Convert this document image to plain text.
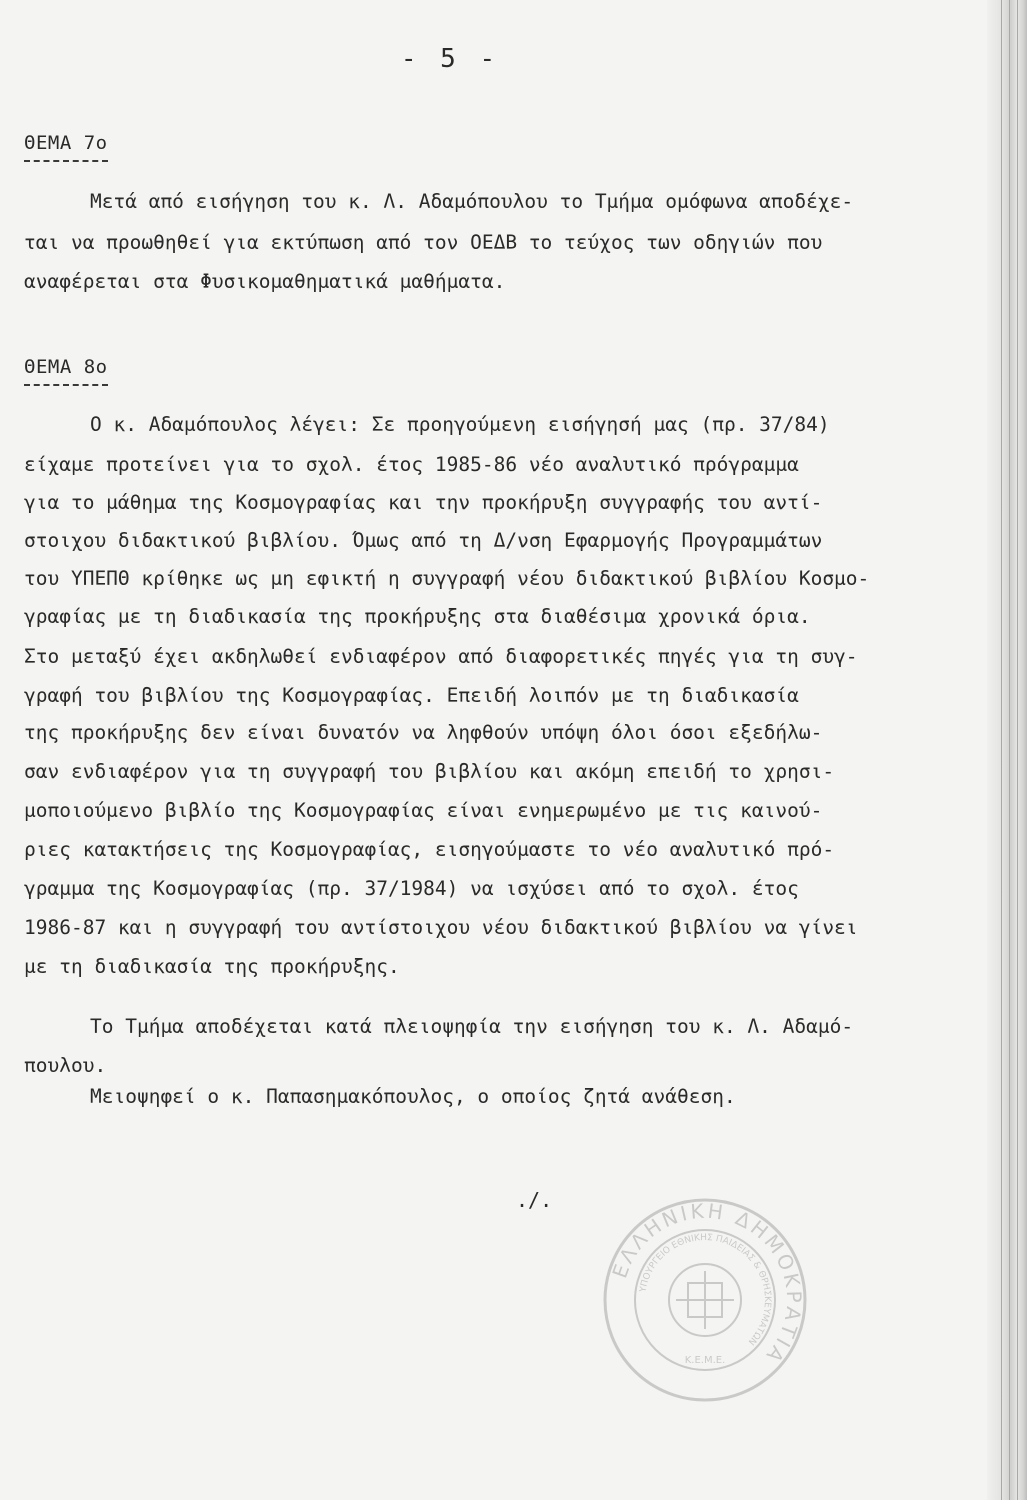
- 5 -
ΘΕΜΑ 7ο
Μετά από εισήγηση του κ. Λ. Αδαμόπουλου το Τμήμα ομόφωνα αποδέχε-
ται να προωθηθεί για εκτύπωση από τον ΟΕΔΒ το τεύχος των οδηγιών που
αναφέρεται στα Φυσικομαθηματικά μαθήματα.
ΘΕΜΑ 8ο
Ο κ. Αδαμόπουλος λέγει: Σε προηγούμενη εισήγησή μας (πρ. 37/84)
είχαμε προτείνει για το σχολ. έτος 1985-86 νέο αναλυτικό πρόγραμμα
για το μάθημα της Κοσμογραφίας και την προκήρυξη συγγραφής του αντί-
στοιχου διδακτικού βιβλίου. Όμως από τη Δ/νση Εφαρμογής Προγραμμάτων
του ΥΠΕΠΘ κρίθηκε ως μη εφικτή η συγγραφή νέου διδακτικού βιβλίου Κοσμο-
γραφίας με τη διαδικασία της προκήρυξης στα διαθέσιμα χρονικά όρια.
Στο μεταξύ έχει ακδηλωθεί ενδιαφέρον από διαφορετικές πηγές για τη συγ-
γραφή του βιβλίου της Κοσμογραφίας. Επειδή λοιπόν με τη διαδικασία
της προκήρυξης δεν είναι δυνατόν να ληφθούν υπόψη όλοι όσοι εξεδήλω-
σαν ενδιαφέρον για τη συγγραφή του βιβλίου και ακόμη επειδή το χρησι-
μοποιούμενο βιβλίο της Κοσμογραφίας είναι ενημερωμένο με τις καινού-
ριες κατακτήσεις της Κοσμογραφίας, εισηγούμαστε το νέο αναλυτικό πρό-
γραμμα της Κοσμογραφίας (πρ. 37/1984) να ισχύσει από το σχολ. έτος
1986-87 και η συγγραφή του αντίστοιχου νέου διδακτικού βιβλίου να γίνει
με τη διαδικασία της προκήρυξης.
Το Τμήμα αποδέχεται κατά πλειοψηφία την εισήγηση του κ. Λ. Αδαμό-
πουλου.
Μειοψηφεί ο κ. Παπασημακόπουλος, ο οποίος ζητά ανάθεση.
./.
ΕΛΛΗΝΙΚΗ ΔΗΜΟΚΡΑΤΙΑ
ΥΠΟΥΡΓΕΙΟ ΕΘΝΙΚΗΣ ΠΑΙΔΕΙΑΣ & ΘΡΗΣΚΕΥΜΑΤΩΝ
Κ.Ε.Μ.Ε.
